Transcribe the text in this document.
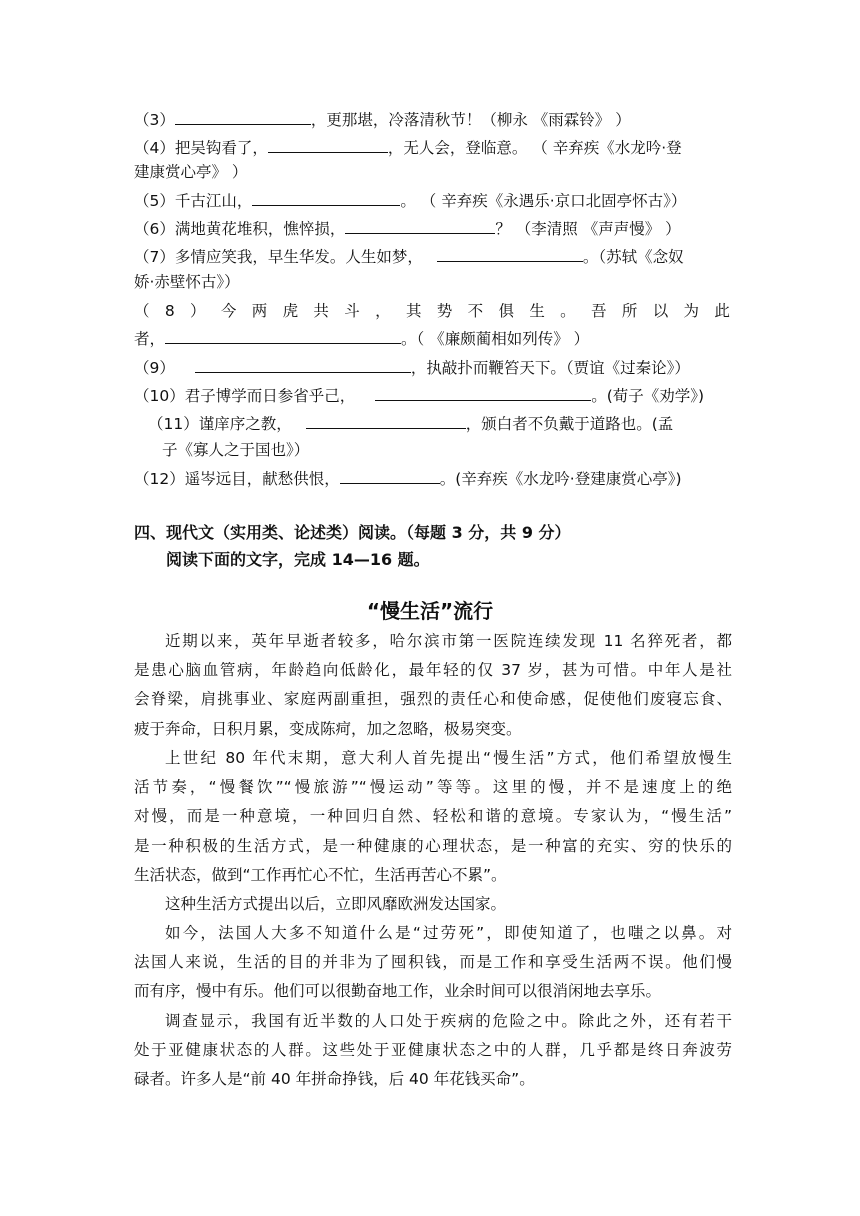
（3）	，更那堪，冷落清秋节！（柳永 《雨霖铃》 ）
（4）把吴钩看了，	，无人会，登临意。 （ 辛弃疾《水龙吟·登
建康赏心亭》 ）
（5）千古江山，	。 （ 辛弃疾《永遇乐·京口北固亭怀古》）
（6）满地黄花堆积，憔悴损，	？ （李清照 《声声慢》 ）
（7）多情应笑我，早生华发。人生如梦，	。（苏轼《念奴
娇·赤壁怀古》）
（ 8 ） 今 两 虎 共 斗 ， 其 势 不 俱 生 。 吾 所 以 为 此
者，	。（ 《廉颇蔺相如列传》 ）
（9）	，执敲扑而鞭笞天下。（贾谊《过秦论》）
（10）君子博学而日参省乎己，	。(荀子《劝学》)
（11）谨庠序之教，	，颁白者不负戴于道路也。(孟
子《寡人之于国也》）
（12）遥岑远目，献愁供恨，	。(辛弃疾《水龙吟·登建康赏心亭》)
四、现代文（实用类、论述类）阅读。（每题 3 分，共 9 分）
阅读下面的文字，完成 14—16 题。
“慢生活”流行
近期以来，英年早逝者较多，哈尔滨市第一医院连续发现 11 名猝死者，都
是患心脑血管病，年龄趋向低龄化，最年轻的仅 37 岁，甚为可惜。中年人是社
会脊梁，肩挑事业、家庭两副重担，强烈的责任心和使命感，促使他们废寝忘食、
疲于奔命，日积月累，变成陈疴，加之忽略，极易突变。
上世纪 80 年代末期，意大利人首先提出“慢生活”方式，他们希望放慢生
活节奏，“慢餐饮”“慢旅游”“慢运动”等等。这里的慢，并不是速度上的绝
对慢，而是一种意境，一种回归自然、轻松和谐的意境。专家认为，“慢生活”
是一种积极的生活方式，是一种健康的心理状态，是一种富的充实、穷的快乐的
生活状态，做到“工作再忙心不忙，生活再苦心不累”。
这种生活方式提出以后，立即风靡欧洲发达国家。
如今，法国人大多不知道什么是“过劳死”，即使知道了，也嗤之以鼻。对
法国人来说，生活的目的并非为了囤积钱，而是工作和享受生活两不误。他们慢
而有序，慢中有乐。他们可以很勤奋地工作，业余时间可以很消闲地去享乐。
调查显示，我国有近半数的人口处于疾病的危险之中。除此之外，还有若干
处于亚健康状态的人群。这些处于亚健康状态之中的人群，几乎都是终日奔波劳
碌者。许多人是“前 40 年拼命挣钱，后 40 年花钱买命”。
